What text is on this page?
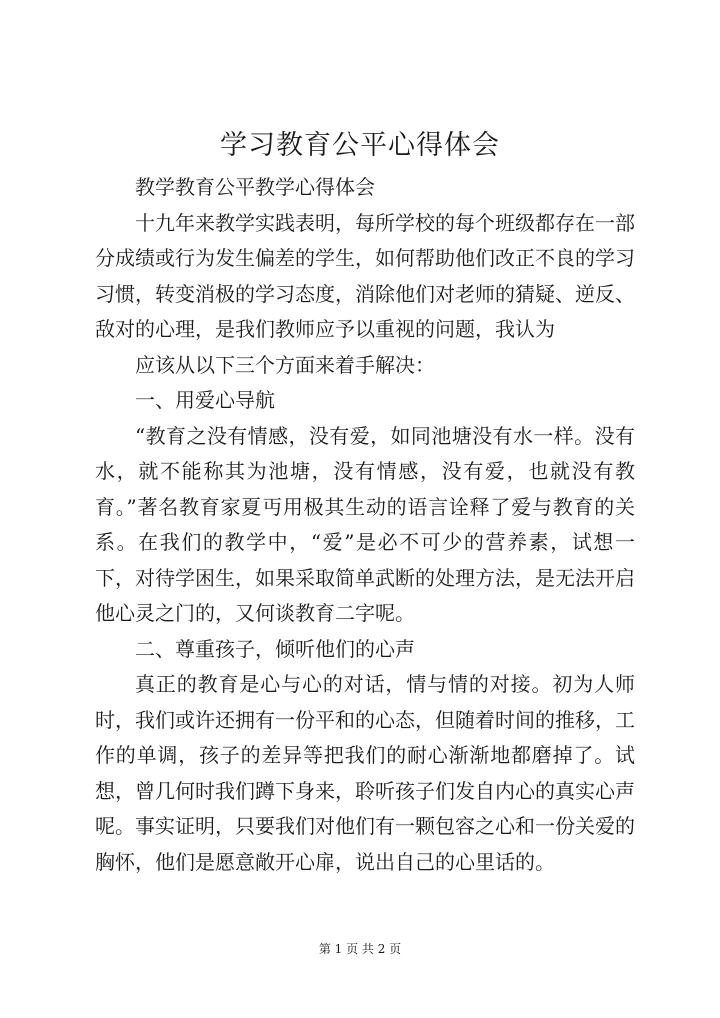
学习教育公平心得体会

教学教育公平教学心得体会

十九年来教学实践表明，每所学校的每个班级都存在一部分成绩或行为发生偏差的学生，如何帮助他们改正不良的学习习惯，转变消极的学习态度，消除他们对老师的猜疑、逆反、敌对的心理，是我们教师应予以重视的问题，我认为

应该从以下三个方面来着手解决：

一、用爱心导航

“教育之没有情感，没有爱，如同池塘没有水一样。没有水，就不能称其为池塘，没有情感，没有爱，也就没有教育。”著名教育家夏丏用极其生动的语言诠释了爱与教育的关系。在我们的教学中，“爱”是必不可少的营养素，试想一下，对待学困生，如果采取简单武断的处理方法，是无法开启他心灵之门的，又何谈教育二字呢。

二、尊重孩子，倾听他们的心声

真正的教育是心与心的对话，情与情的对接。初为人师时，我们或许还拥有一份平和的心态，但随着时间的推移，工作的单调，孩子的差异等把我们的耐心渐渐地都磨掉了。试想，曾几何时我们蹲下身来，聆听孩子们发自内心的真实心声呢。事实证明，只要我们对他们有一颗包容之心和一份关爱的胸怀，他们是愿意敞开心扉，说出自己的心里话的。

第 1 页 共 2 页
